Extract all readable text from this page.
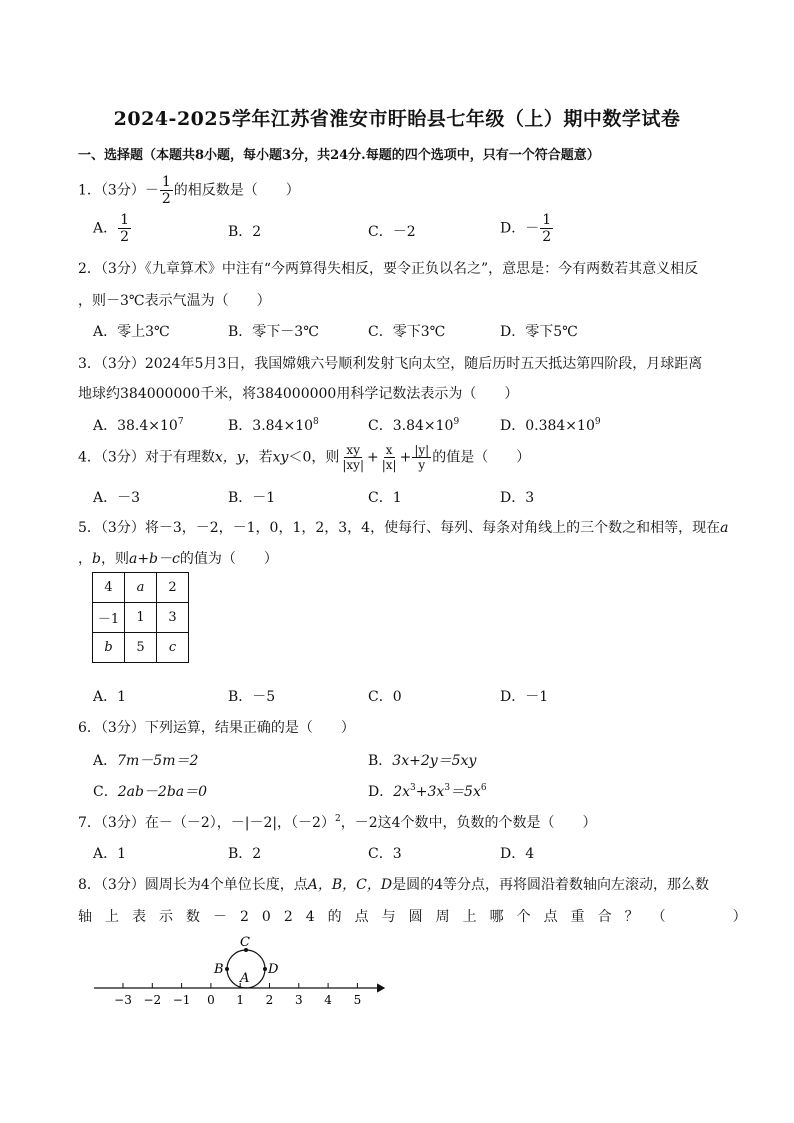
2024-2025学年江苏省淮安市盱眙县七年级（上）期中数学试卷
一、选择题（本题共8小题，每小题3分，共24分.每题的四个选项中，只有一个符合题意）
1．（3分）－ $\frac{1}{2}$ 的相反数是（　　）
A． $\frac{1}{2}$	B．2	C．－2	D．－ $\frac{1}{2}$
2．（3分）《九章算术》中注有“今两算得失相反，要令正负以名之”，意思是：今有两数若其意义相反
，则－3℃表示气温为（　　）
A．零上3℃	B．零下－3℃	C．零下3℃	D．零下5℃
3．（3分）2024年5月3日，我国嫦娥六号顺利发射飞向太空，随后历时五天抵达第四阶段，月球距离
地球约384000000千米，将384000000用科学记数法表示为（　　）
A．$38.4\times 10^7$	B．$3.84\times 10^8$	C．$3.84\times 10^9$	D．$0.384\times 10^9$
4．（3分）对于有理数x，y，若xy＜0，则 $\frac{xy}{|xy|} + \frac{x}{|x|} + \frac{|y|}{y}$ 的值是（　　）
A．－3	B．－1	C．1	D．3
5．（3分）将－3，－2，－1，0，1，2，3，4，使每行、每列、每条对角线上的三个数之和相等，现在a
，b，则a+b－c的值为（　　）
4	a	2
－1	1	3
b	5	c
A．1	B．－5	C．0	D．－1
6．（3分）下列运算，结果正确的是（　　）
A．7m－5m＝2	B．3x+2y＝5xy
C．2ab－2ba＝0	D．$2x^3+3x^3=5x^6$
7．（3分）在－（－2），－|－2|，$(-2)^2$，－2这4个数中，负数的个数是（　　）
A．1	B．2	C．3	D．4
8．（3分）圆周长为4个单位长度，点A，B，C，D是圆的4等分点，再将圆沿着数轴向左滚动，那么数
轴上表示数－2024的点与圆周上哪个点重合？（　　）
−3 −2 −1 0 1 2 3 4 5
C
B	D
A
